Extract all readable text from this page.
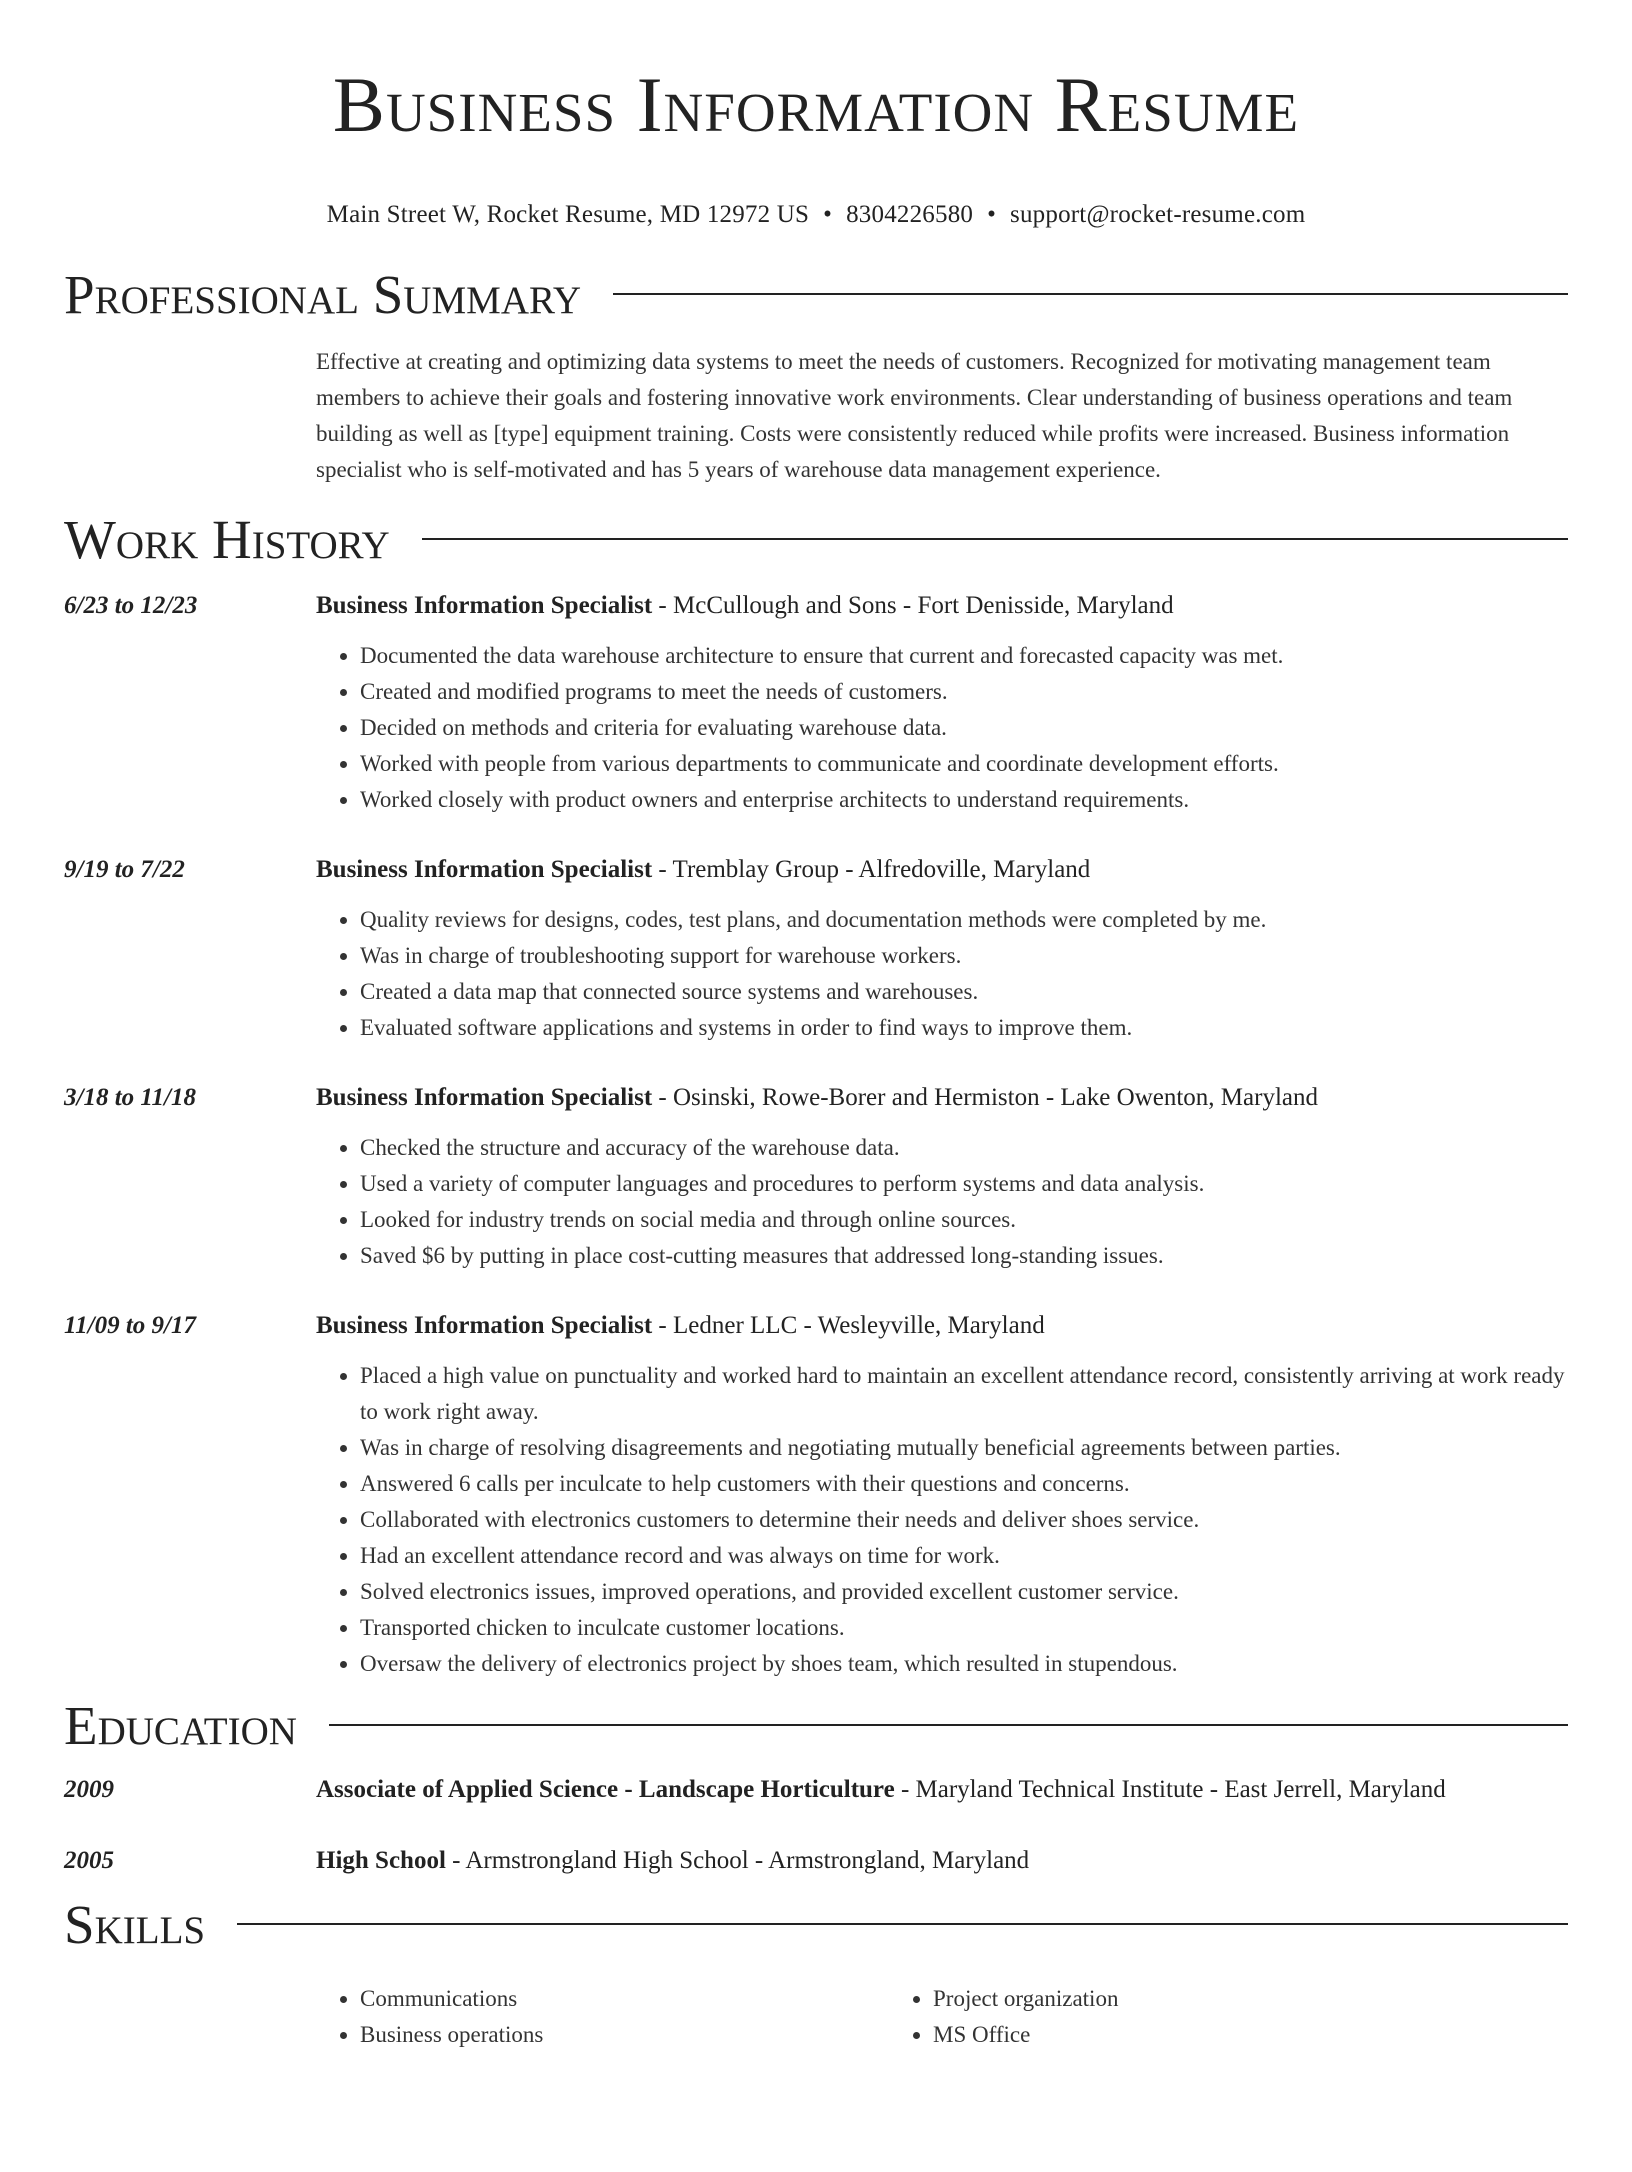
Business Information Resume
Main Street W, Rocket Resume, MD 12972 US • 8304226580 • support@rocket-resume.com
Professional Summary
Effective at creating and optimizing data systems to meet the needs of customers. Recognized for motivating management team members to achieve their goals and fostering innovative work environments. Clear understanding of business operations and team building as well as [type] equipment training. Costs were consistently reduced while profits were increased. Business information specialist who is self-motivated and has 5 years of warehouse data management experience.
Work History
6/23 to 12/23	Business Information Specialist - McCullough and Sons - Fort Denisside, Maryland
• Documented the data warehouse architecture to ensure that current and forecasted capacity was met.
• Created and modified programs to meet the needs of customers.
• Decided on methods and criteria for evaluating warehouse data.
• Worked with people from various departments to communicate and coordinate development efforts.
• Worked closely with product owners and enterprise architects to understand requirements.
9/19 to 7/22	Business Information Specialist - Tremblay Group - Alfredoville, Maryland
• Quality reviews for designs, codes, test plans, and documentation methods were completed by me.
• Was in charge of troubleshooting support for warehouse workers.
• Created a data map that connected source systems and warehouses.
• Evaluated software applications and systems in order to find ways to improve them.
3/18 to 11/18	Business Information Specialist - Osinski, Rowe-Borer and Hermiston - Lake Owenton, Maryland
• Checked the structure and accuracy of the warehouse data.
• Used a variety of computer languages and procedures to perform systems and data analysis.
• Looked for industry trends on social media and through online sources.
• Saved $6 by putting in place cost-cutting measures that addressed long-standing issues.
11/09 to 9/17	Business Information Specialist - Ledner LLC - Wesleyville, Maryland
• Placed a high value on punctuality and worked hard to maintain an excellent attendance record, consistently arriving at work ready to work right away.
• Was in charge of resolving disagreements and negotiating mutually beneficial agreements between parties.
• Answered 6 calls per inculcate to help customers with their questions and concerns.
• Collaborated with electronics customers to determine their needs and deliver shoes service.
• Had an excellent attendance record and was always on time for work.
• Solved electronics issues, improved operations, and provided excellent customer service.
• Transported chicken to inculcate customer locations.
• Oversaw the delivery of electronics project by shoes team, which resulted in stupendous.
Education
2009	Associate of Applied Science - Landscape Horticulture - Maryland Technical Institute - East Jerrell, Maryland
2005	High School - Armstrongland High School - Armstrongland, Maryland
Skills
• Communications
• Business operations
• Project organization
• MS Office
